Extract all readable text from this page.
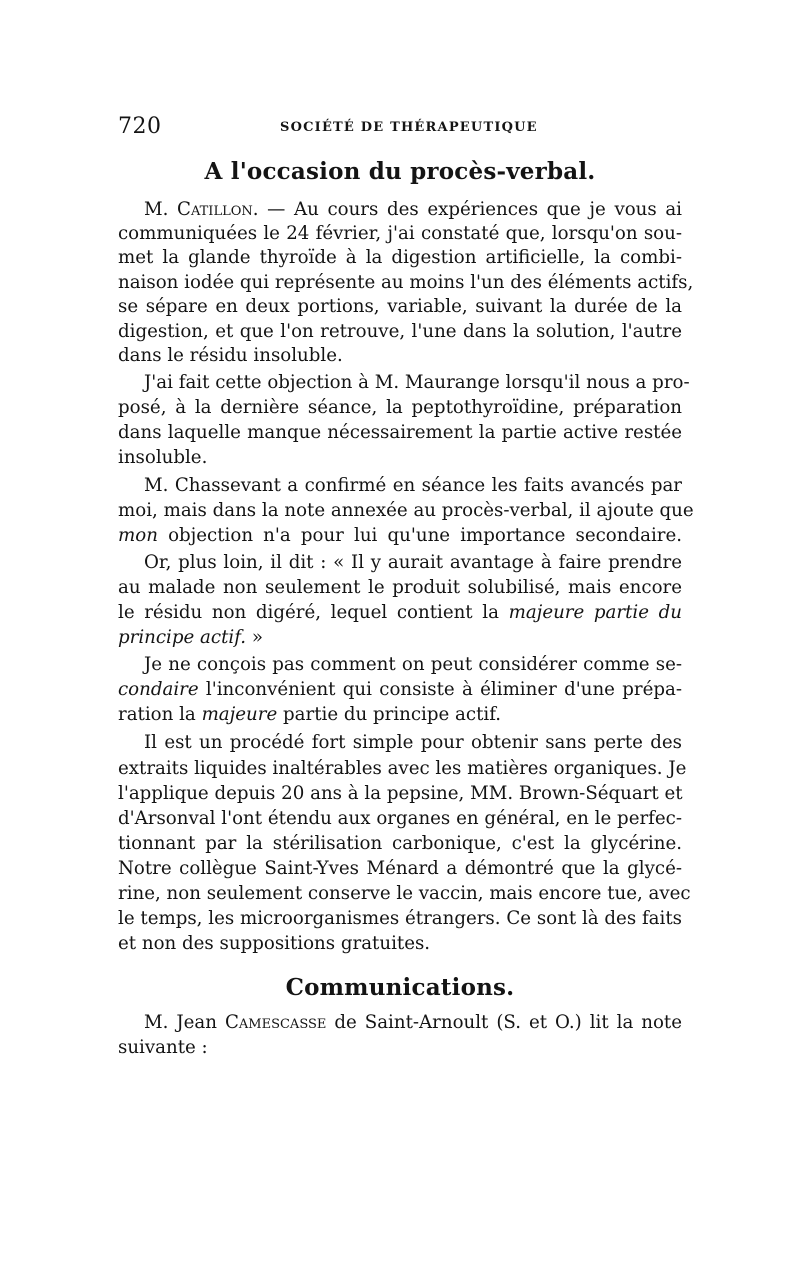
720	SOCIÉTÉ DE THÉRAPEUTIQUE
A l'occasion du procès-verbal.

M. Catillon. — Au cours des expériences que je vous ai

communiquées le 24 février, j'ai constaté que, lorsqu'on sou-

met la glande thyroïde à la digestion artificielle, la combi-

naison iodée qui représente au moins l'un des éléments actifs,

se sépare en deux portions, variable, suivant la durée de la

digestion, et que l'on retrouve, l'une dans la solution, l'autre

dans le résidu insoluble.

J'ai fait cette objection à M. Maurange lorsqu'il nous a pro-

posé, à la dernière séance, la peptothyroïdine, préparation

dans laquelle manque nécessairement la partie active restée

insoluble.

M. Chassevant a confirmé en séance les faits avancés par

moi, mais dans la note annexée au procès-verbal, il ajoute que

mon objection n'a pour lui qu'une importance secondaire.

Or, plus loin, il dit : « Il y aurait avantage à faire prendre

au malade non seulement le produit solubilisé, mais encore

le résidu non digéré, lequel contient la majeure partie du

principe actif. »

Je ne conçois pas comment on peut considérer comme se-

condaire l'inconvénient qui consiste à éliminer d'une prépa-

ration la majeure partie du principe actif.

Il est un procédé fort simple pour obtenir sans perte des

extraits liquides inaltérables avec les matières organiques. Je

l'applique depuis 20 ans à la pepsine, MM. Brown-Séquart et

d'Arsonval l'ont étendu aux organes en général, en le perfec-

tionnant par la stérilisation carbonique, c'est la glycérine.

Notre collègue Saint-Yves Ménard a démontré que la glycé-

rine, non seulement conserve le vaccin, mais encore tue, avec

le temps, les microorganismes étrangers. Ce sont là des faits

et non des suppositions gratuites.

Communications.

M. Jean Camescasse de Saint-Arnoult (S. et O.) lit la note

suivante :
